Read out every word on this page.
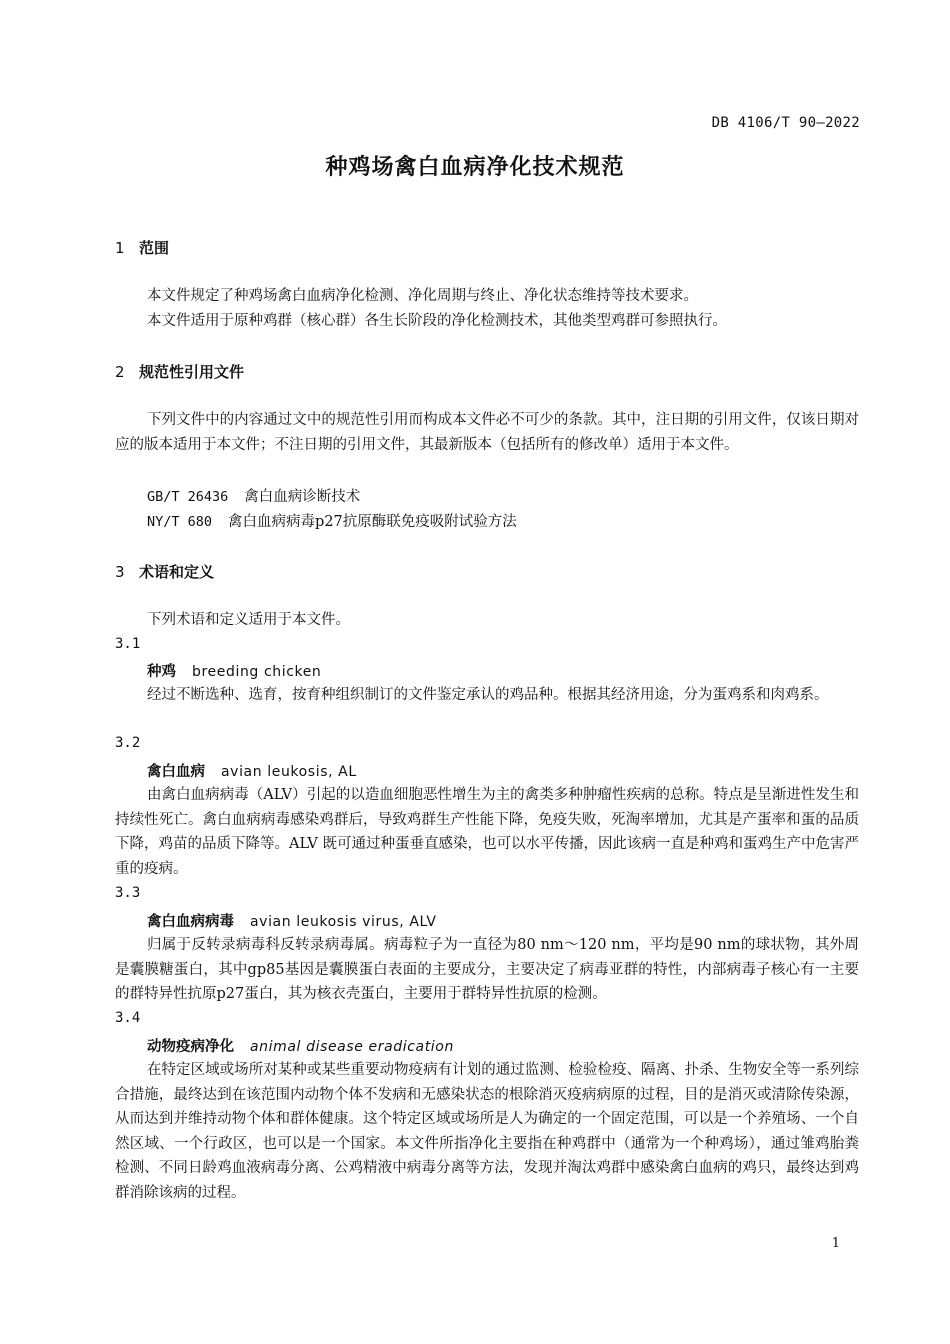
DB 4106/T 90—2022
种鸡场禽白血病净化技术规范
1 范围
本文件规定了种鸡场禽白血病净化检测、净化周期与终止、净化状态维持等技术要求。
本文件适用于原种鸡群（核心群）各生长阶段的净化检测技术，其他类型鸡群可参照执行。
2 规范性引用文件
下列文件中的内容通过文中的规范性引用而构成本文件必不可少的条款。其中，注日期的引用文件，仅该日期对应的版本适用于本文件；不注日期的引用文件，其最新版本（包括所有的修改单）适用于本文件。
GB/T 26436 禽白血病诊断技术
NY/T 680 禽白血病病毒p27抗原酶联免疫吸附试验方法
3 术语和定义
下列术语和定义适用于本文件。
3.1
种鸡 breeding chicken
经过不断选种、选育，按育种组织制订的文件鉴定承认的鸡品种。根据其经济用途，分为蛋鸡系和肉鸡系。
3.2
禽白血病 avian leukosis, AL
由禽白血病病毒（ALV）引起的以造血细胞恶性增生为主的禽类多种肿瘤性疾病的总称。特点是呈渐进性发生和持续性死亡。禽白血病病毒感染鸡群后，导致鸡群生产性能下降，免疫失败，死淘率增加，尤其是产蛋率和蛋的品质下降，鸡苗的品质下降等。ALV 既可通过种蛋垂直感染，也可以水平传播，因此该病一直是种鸡和蛋鸡生产中危害严重的疫病。
3.3
禽白血病病毒 avian leukosis virus, ALV
归属于反转录病毒科反转录病毒属。病毒粒子为一直径为80 nm～120 nm，平均是90 nm的球状物，其外周是囊膜糖蛋白，其中gp85基因是囊膜蛋白表面的主要成分，主要决定了病毒亚群的特性，内部病毒子核心有一主要的群特异性抗原p27蛋白，其为核衣壳蛋白，主要用于群特异性抗原的检测。
3.4
动物疫病净化 animal disease eradication
在特定区域或场所对某种或某些重要动物疫病有计划的通过监测、检验检疫、隔离、扑杀、生物安全等一系列综合措施，最终达到在该范围内动物个体不发病和无感染状态的根除消灭疫病病原的过程，目的是消灭或清除传染源，从而达到并维持动物个体和群体健康。这个特定区域或场所是人为确定的一个固定范围，可以是一个养殖场、一个自然区域、一个行政区，也可以是一个国家。本文件所指净化主要指在种鸡群中（通常为一个种鸡场），通过雏鸡胎粪检测、不同日龄鸡血液病毒分离、公鸡精液中病毒分离等方法，发现并淘汰鸡群中感染禽白血病的鸡只，最终达到鸡群消除该病的过程。
1
